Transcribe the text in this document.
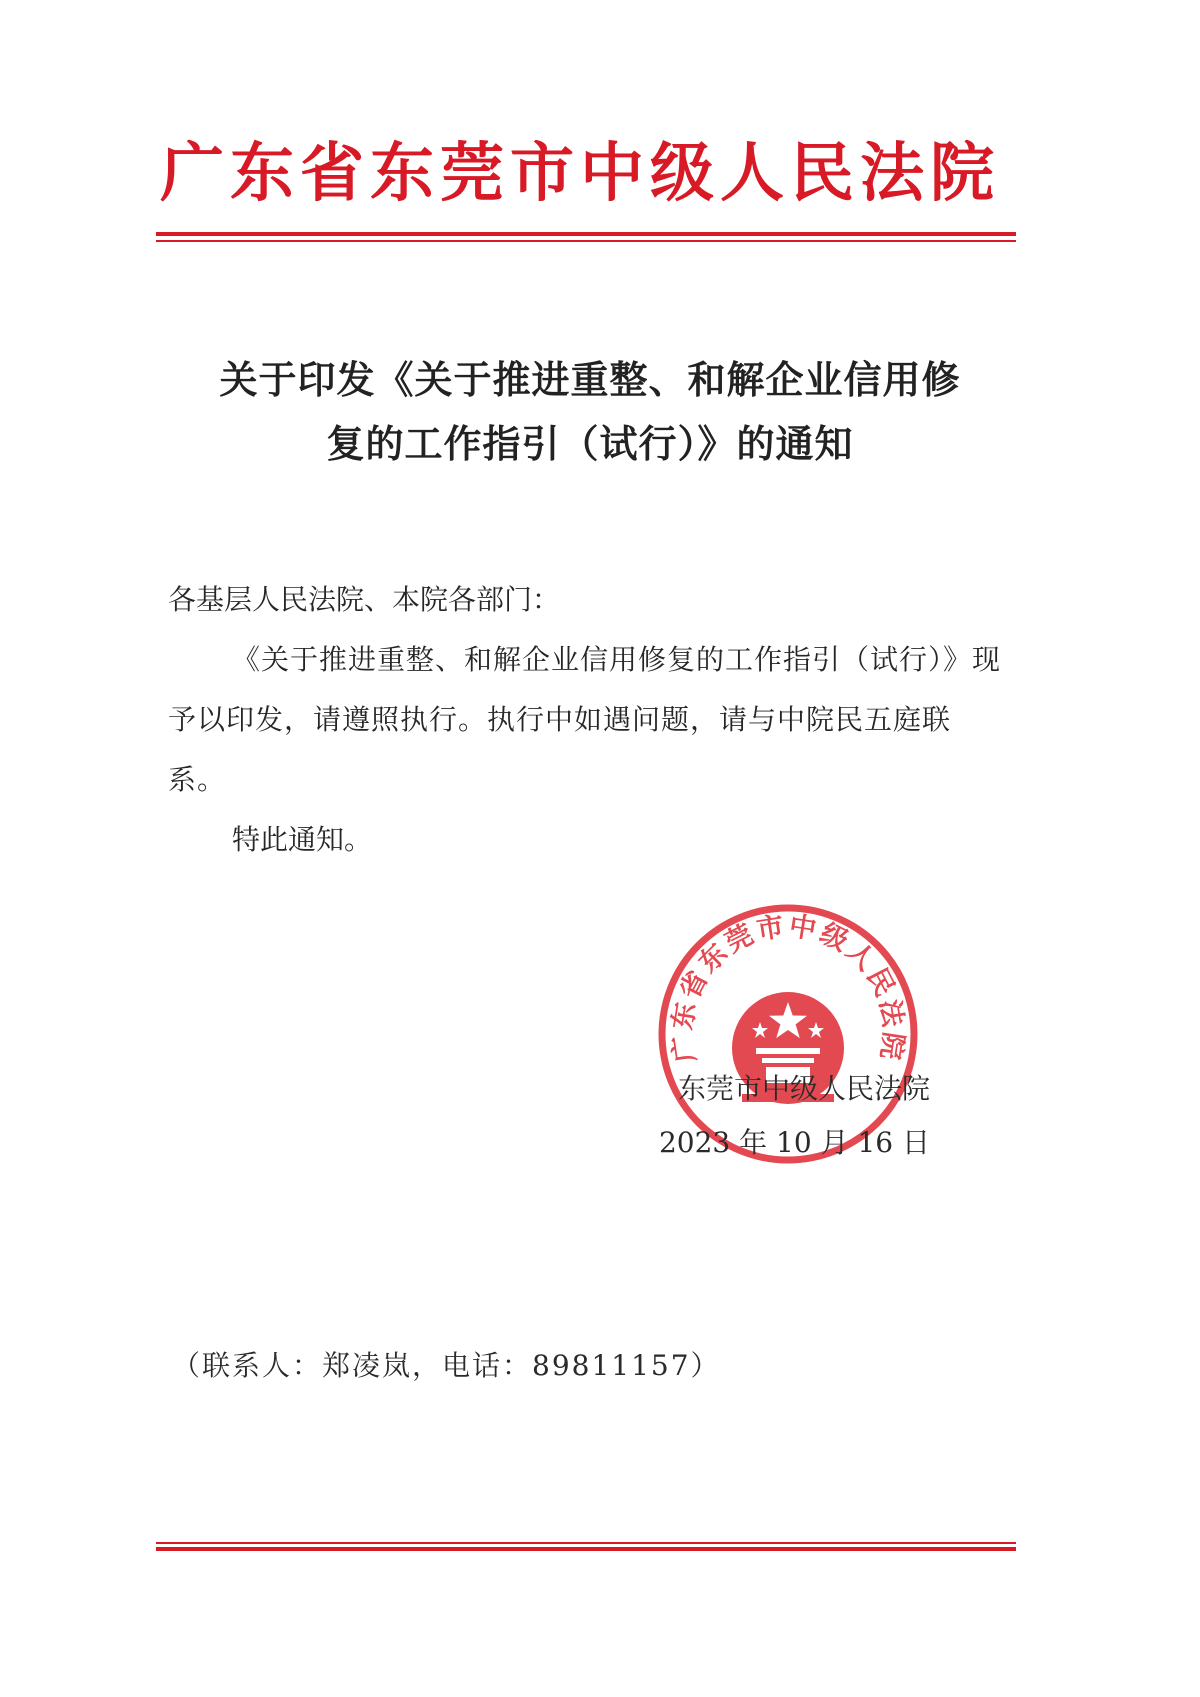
广东省东莞市中级人民法院
关于印发《关于推进重整、和解企业信用修
复的工作指引（试行）》的通知
各基层人民法院、本院各部门：
《关于推进重整、和解企业信用修复的工作指引（试行）》现予以印发，请遵照执行。执行中如遇问题，请与中院民五庭联系。
特此通知。
广东省东莞市中级人民法院
东莞市中级人民法院
2023 年 10 月 16 日
（联系人：郑凌岚，电话：89811157）
